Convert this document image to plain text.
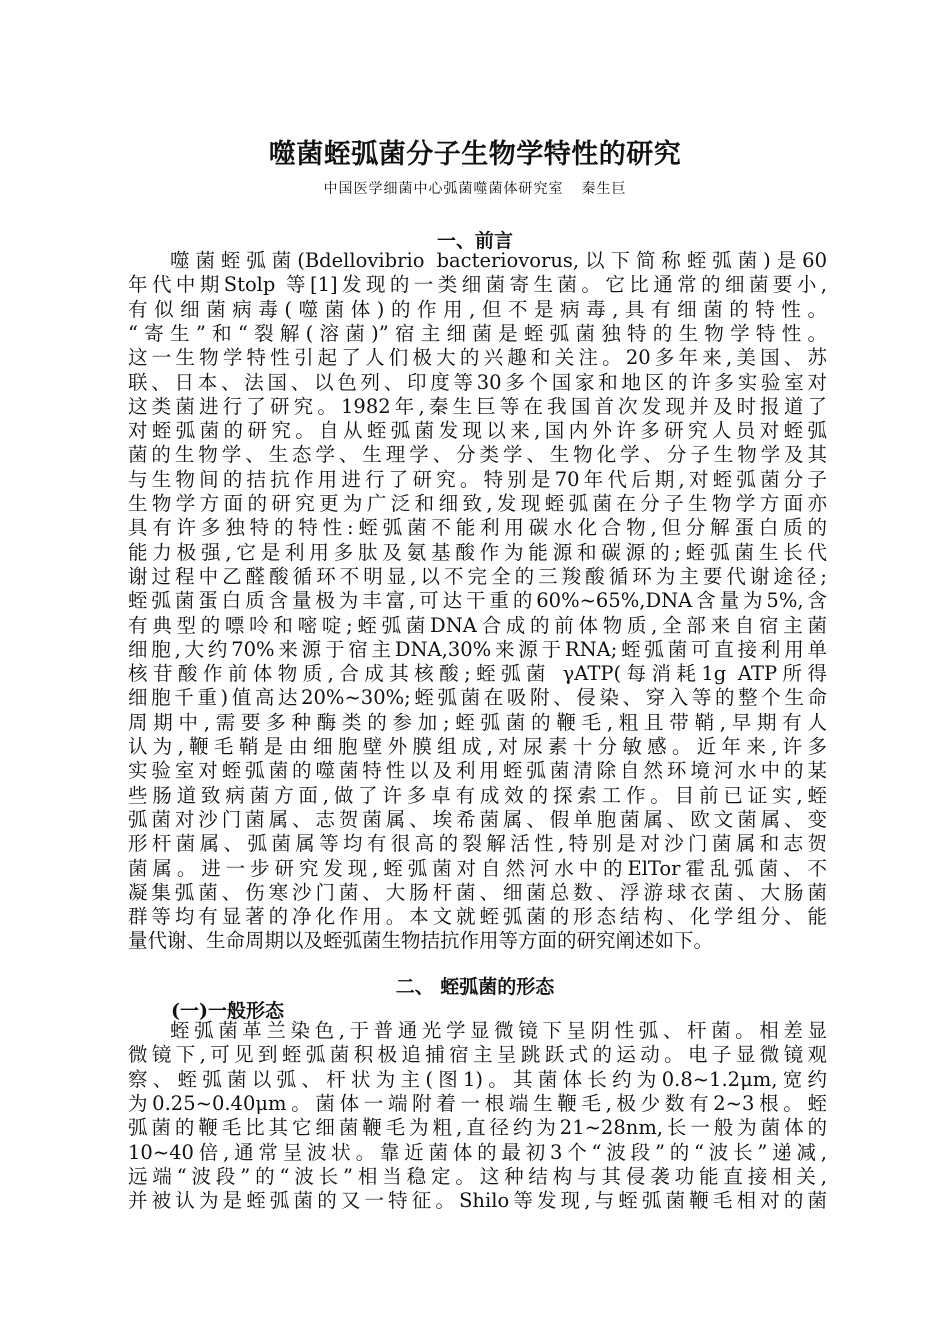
噬菌蛭弧菌分子生物学特性的研究
中国医学细菌中心弧菌噬菌体研究室 秦生巨
一、前言
噬菌蛭弧菌(Bdellovibrio bacteriovorus,以下简称蛭弧菌)是60
年代中期Stolp 等[1]发现的一类细菌寄生菌。它比通常的细菌要小,
有似细菌病毒(噬菌体)的作用,但不是病毒,具有细菌的特性。
“寄生”和“裂解(溶菌)”宿主细菌是蛭弧菌独特的生物学特性。
这一生物学特性引起了人们极大的兴趣和关注。20多年来,美国、苏
联、日本、法国、以色列、印度等30多个国家和地区的许多实验室对
这类菌进行了研究。1982年,秦生巨等在我国首次发现并及时报道了
对蛭弧菌的研究。自从蛭弧菌发现以来,国内外许多研究人员对蛭弧
菌的生物学、生态学、生理学、分类学、生物化学、分子生物学及其
与生物间的拮抗作用进行了研究。特别是70年代后期,对蛭弧菌分子
生物学方面的研究更为广泛和细致,发现蛭弧菌在分子生物学方面亦
具有许多独特的特性:蛭弧菌不能利用碳水化合物,但分解蛋白质的
能力极强,它是利用多肽及氨基酸作为能源和碳源的;蛭弧菌生长代
谢过程中乙醛酸循环不明显,以不完全的三羧酸循环为主要代谢途径;
蛭弧菌蛋白质含量极为丰富,可达干重的60%~65%,DNA含量为5%,含
有典型的嘌呤和嘧啶;蛭弧菌DNA合成的前体物质,全部来自宿主菌
细胞,大约70%来源于宿主DNA,30%来源于RNA;蛭弧菌可直接利用单
核苷酸作前体物质,合成其核酸;蛭弧菌 γATP(每消耗1g ATP所得
细胞千重)值高达20%~30%;蛭弧菌在吸附、侵染、穿入等的整个生命
周期中,需要多种酶类的参加;蛭弧菌的鞭毛,粗且带鞘,早期有人
认为,鞭毛鞘是由细胞壁外膜组成,对尿素十分敏感。近年来,许多
实验室对蛭弧菌的噬菌特性以及利用蛭弧菌清除自然环境河水中的某
些肠道致病菌方面,做了许多卓有成效的探索工作。目前已证实,蛭
弧菌对沙门菌属、志贺菌属、埃希菌属、假单胞菌属、欧文菌属、变
形杆菌属、弧菌属等均有很高的裂解活性,特别是对沙门菌属和志贺
菌属。进一步研究发现,蛭弧菌对自然河水中的ElTor霍乱弧菌、不
凝集弧菌、伤寒沙门菌、大肠杆菌、细菌总数、浮游球衣菌、大肠菌
群等均有显著的净化作用。本文就蛭弧菌的形态结构、化学组分、能
量代谢、生命周期以及蛭弧菌生物拮抗作用等方面的研究阐述如下。
二、 蛭弧菌的形态
(一)一般形态
蛭弧菌革兰染色,于普通光学显微镜下呈阴性弧、杆菌。相差显
微镜下,可见到蛭弧菌积极追捕宿主呈跳跃式的运动。电子显微镜观
察、蛭弧菌以弧、杆状为主(图1)。其菌体长约为0.8~1.2μm,宽约
为0.25~0.40μm。菌体一端附着一根端生鞭毛,极少数有2~3根。蛭
弧菌的鞭毛比其它细菌鞭毛为粗,直径约为21~28nm,长一般为菌体的
10~40倍,通常呈波状。靠近菌体的最初3个“波段”的“波长”递减,
远端“波段”的“波长”相当稳定。这种结构与其侵袭功能直接相关,
并被认为是蛭弧菌的又一特征。Shilo等发现,与蛭弧菌鞭毛相对的菌
